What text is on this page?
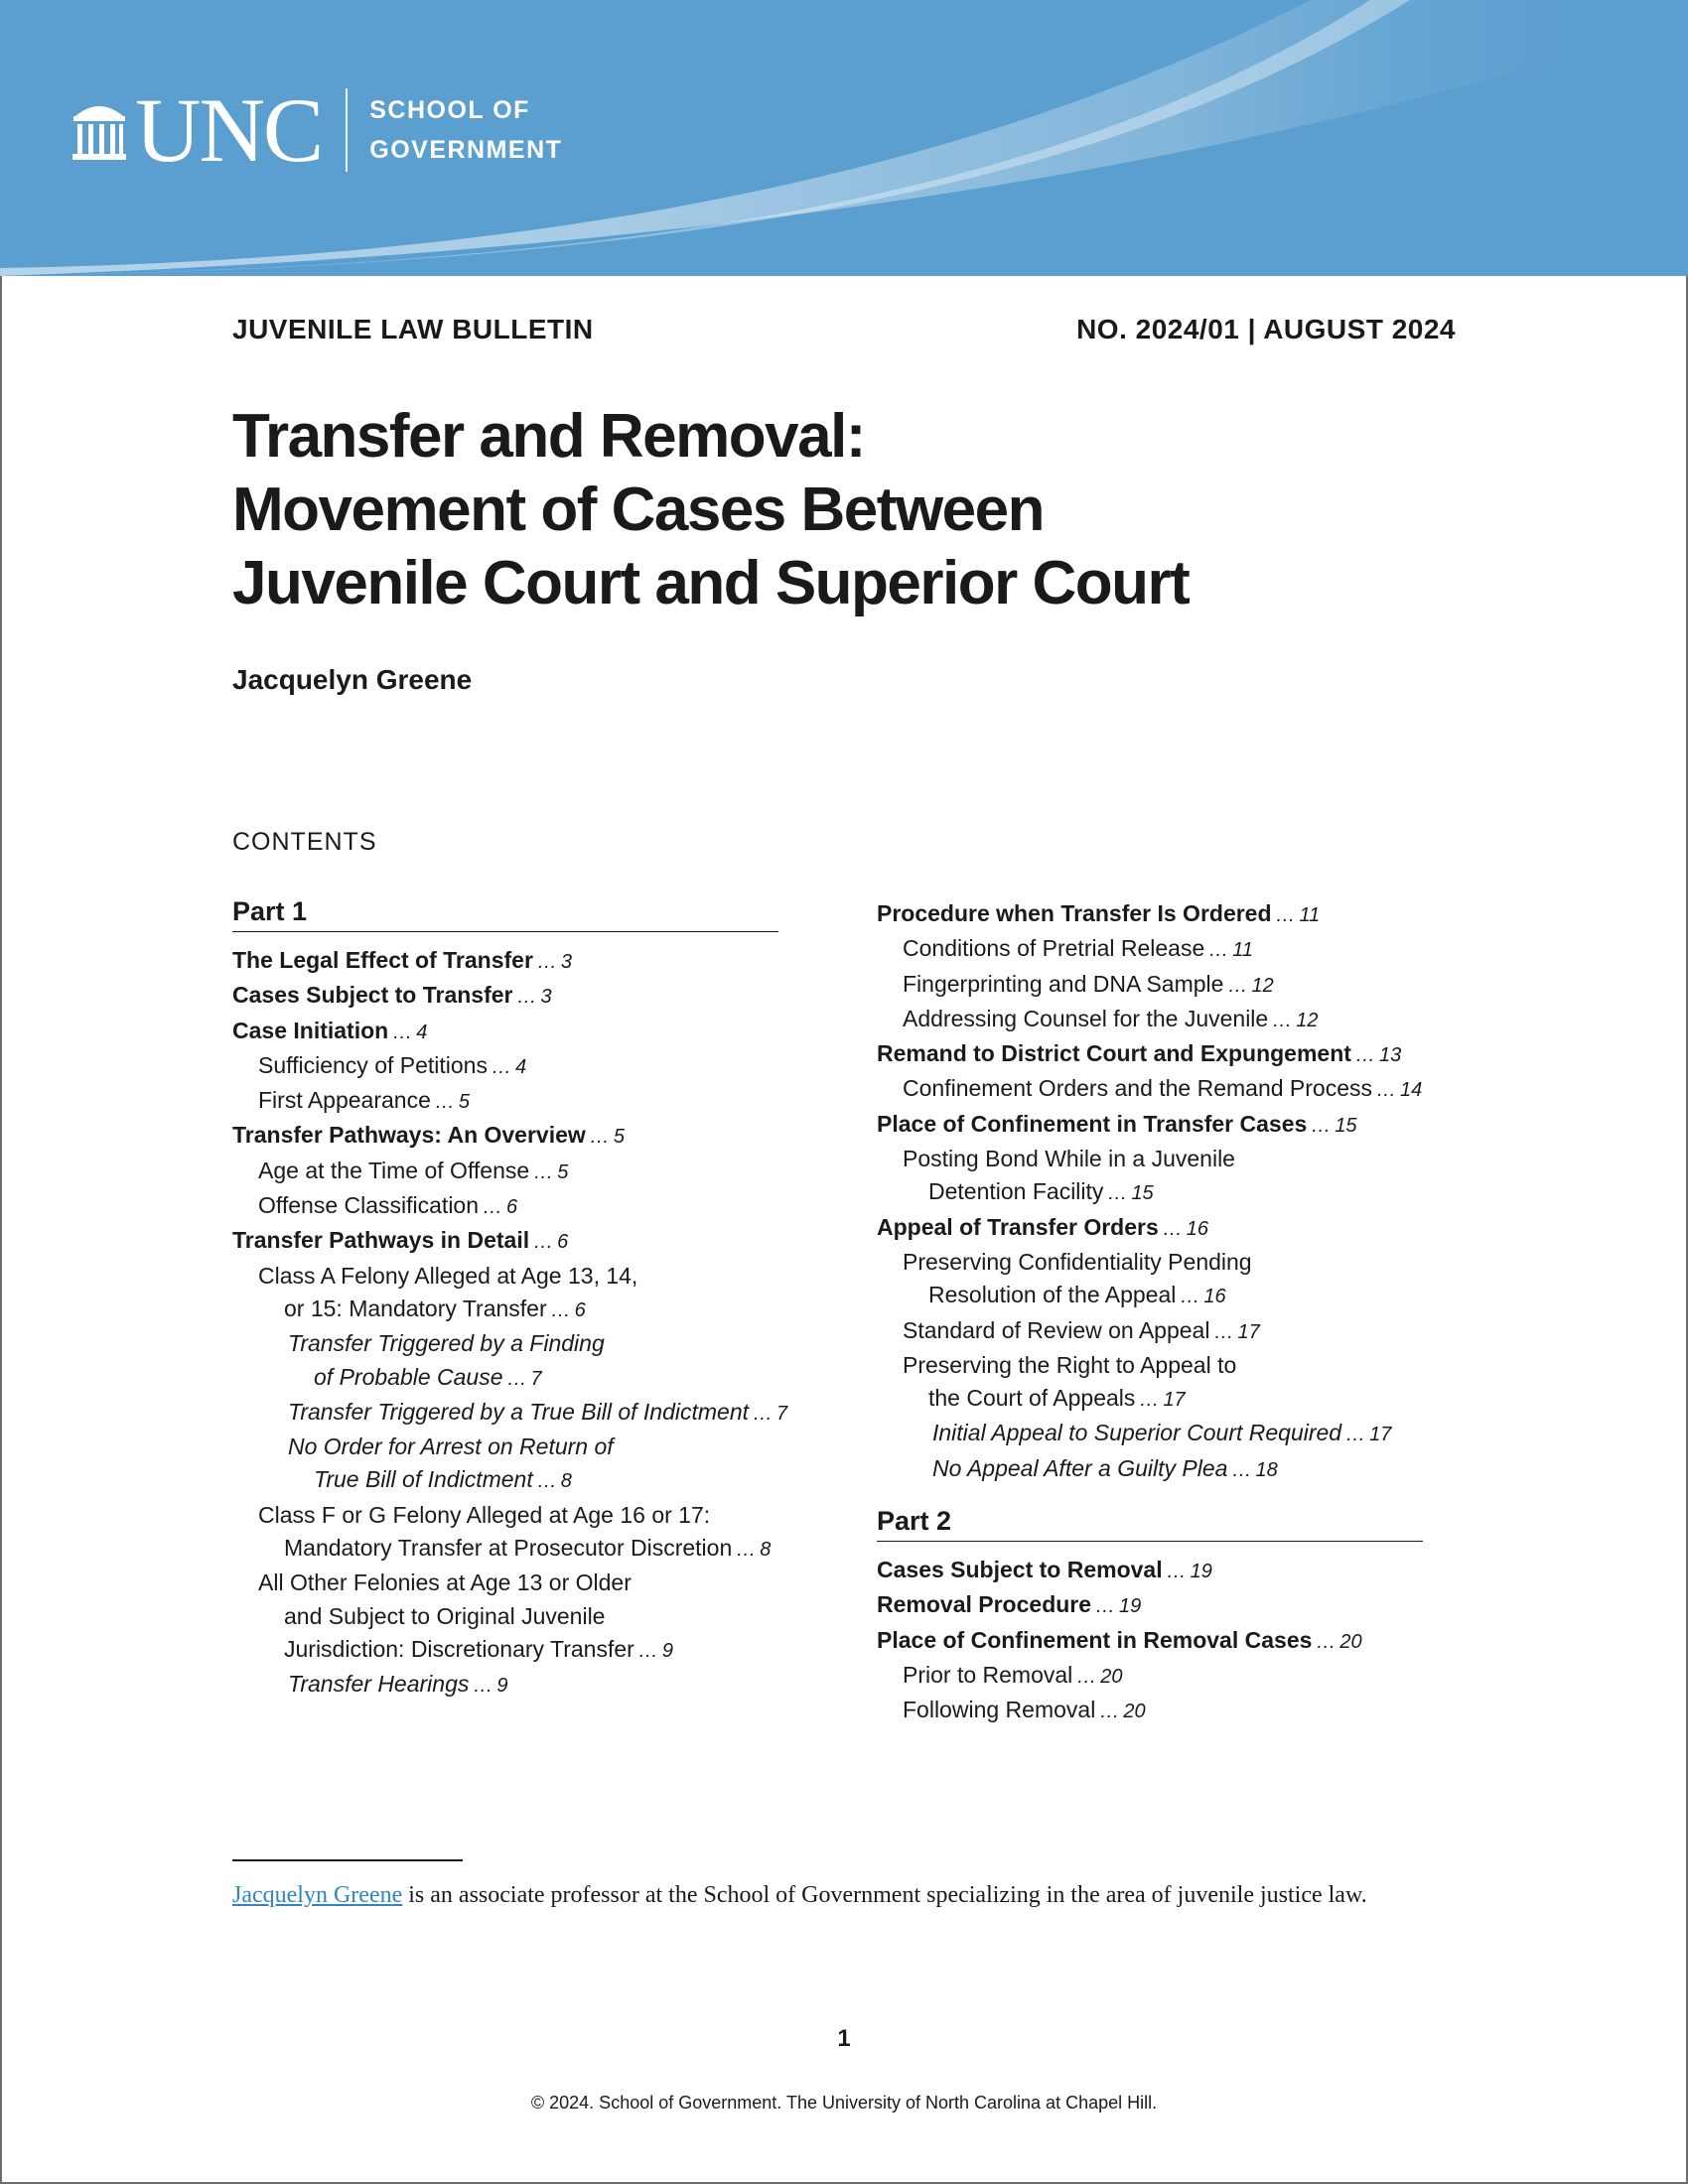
UNC SCHOOL OF
GOVERNMENT
JUVENILE LAW BULLETIN	NO. 2024/01 | AUGUST 2024
Transfer and Removal:
Movement of Cases Between
Juvenile Court and Superior Court
Jacquelyn Greene
CONTENTS
Part 1
The Legal Effect of Transfer … 3
Cases Subject to Transfer … 3
Case Initiation … 4
Sufficiency of Petitions … 4
First Appearance … 5
Transfer Pathways: An Overview … 5
Age at the Time of Offense … 5
Offense Classification … 6
Transfer Pathways in Detail … 6
Class A Felony Alleged at Age 13, 14,
or 15: Mandatory Transfer … 6
Transfer Triggered by a Finding
of Probable Cause … 7
Transfer Triggered by a True Bill of Indictment … 7
No Order for Arrest on Return of
True Bill of Indictment … 8
Class F or G Felony Alleged at Age 16 or 17:
Mandatory Transfer at Prosecutor Discretion … 8
All Other Felonies at Age 13 or Older
and Subject to Original Juvenile
Jurisdiction: Discretionary Transfer … 9
Transfer Hearings … 9
Procedure when Transfer Is Ordered … 11
Conditions of Pretrial Release … 11
Fingerprinting and DNA Sample … 12
Addressing Counsel for the Juvenile … 12
Remand to District Court and Expungement … 13
Confinement Orders and the Remand Process … 14
Place of Confinement in Transfer Cases … 15
Posting Bond While in a Juvenile
Detention Facility … 15
Appeal of Transfer Orders … 16
Preserving Confidentiality Pending
Resolution of the Appeal … 16
Standard of Review on Appeal … 17
Preserving the Right to Appeal to
the Court of Appeals … 17
Initial Appeal to Superior Court Required … 17
No Appeal After a Guilty Plea … 18
Part 2
Cases Subject to Removal … 19
Removal Procedure … 19
Place of Confinement in Removal Cases … 20
Prior to Removal … 20
Following Removal … 20
Jacquelyn Greene is an associate professor at the School of Government specializing in the area of juvenile justice law.
1
© 2024. School of Government. The University of North Carolina at Chapel Hill.
